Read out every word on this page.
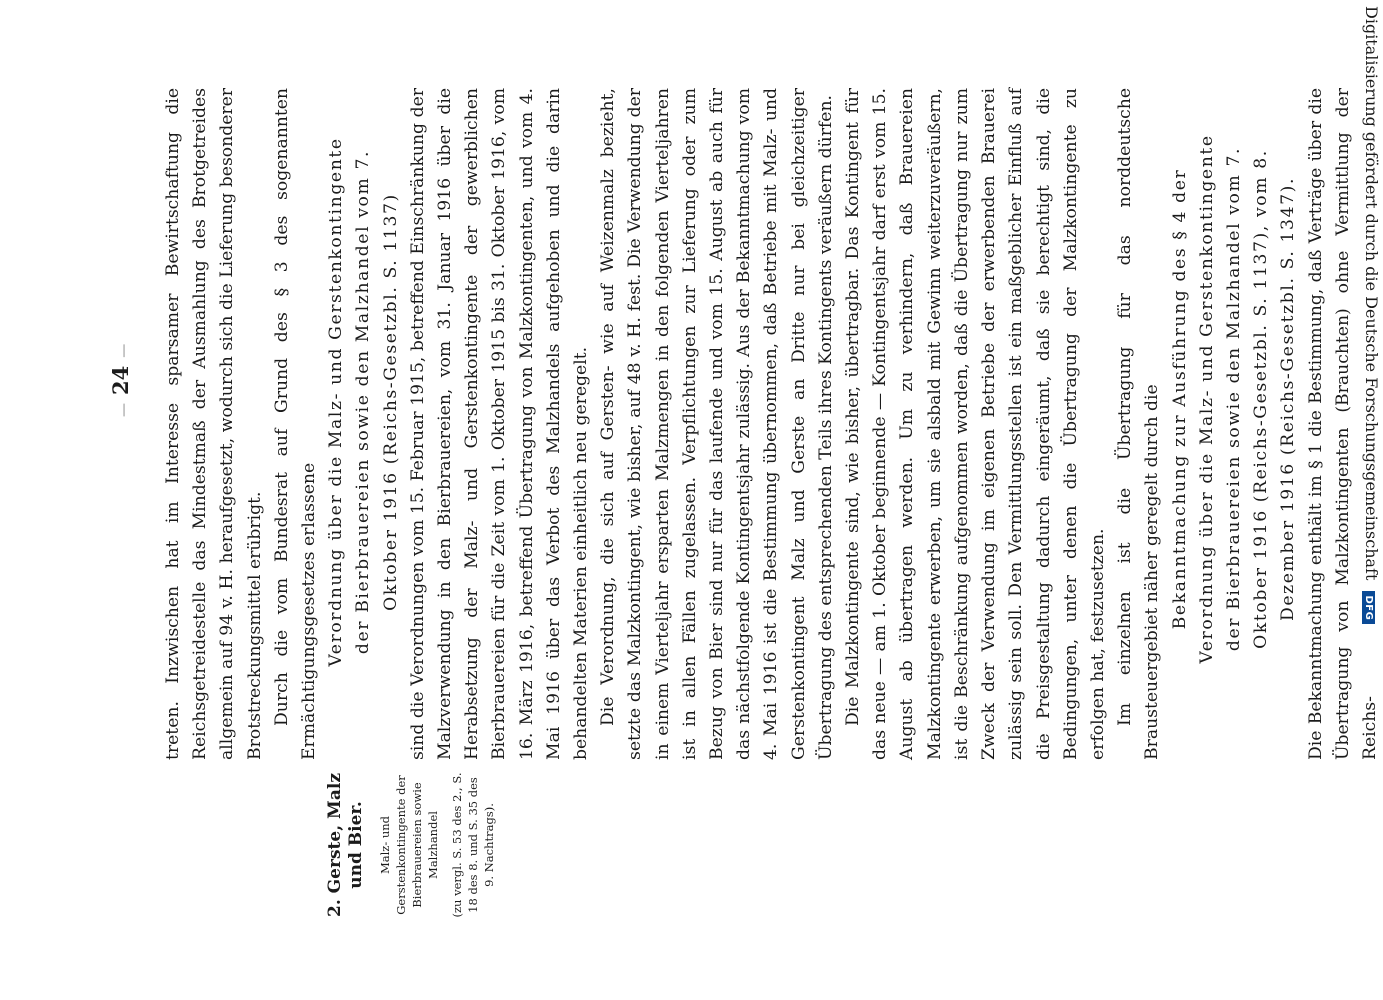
— 24 —
2. Gerste, Malz und Bier. Malz- und Gerstenkontingente der Bierbrauereien sowie Malzhandel (zu vergl. S. 53 des 2., S. 18 des 8. und S. 35 des 9. Nachtrags).

treten. Inzwischen hat im Interesse sparsamer Bewirtschaftung die Reichsgetreidestelle das Mindestmaß der Ausmahlung des Brotgetreides allgemein auf 94 v. H. heraufgesetzt, wodurch sich die Lieferung besonderer Brotstreckungsmittel erübrigt. Durch die vom Bundesrat auf Grund des § 3 des sogenannten Ermächtigungsgesetzes erlassene Verordnung über die Malz- und Gerstenkontingente der Bierbrauereien sowie den Malzhandel vom 7. Oktober 1916 (Reichs-Gesetzbl. S. 1137) sind die Verordnungen vom 15. Februar 1915, betreffend Einschränkung der Malzverwendung in den Bierbrauereien, vom 31. Januar 1916 über die Herabsetzung der Malz- und Gerstenkontingente der gewerblichen Bierbrauereien für die Zeit vom 1. Oktober 1915 bis 31. Oktober 1916, vom 16. März 1916, betreffend Übertragung von Malzkontingenten, und vom 4. Mai 1916 über das Verbot des Malzhandels aufgehoben und die darin behandelten Materien einheitlich neu geregelt. Die Verordnung, die sich auf Gersten- wie auf Weizenmalz bezieht, setzte das Malzkontingent, wie bisher, auf 48 v. H. fest. Die Verwendung der in einem Vierteljahr ersparten Malzmengen in den folgenden Vierteljahren ist in allen Fällen zugelassen. Verpflichtungen zur Lieferung oder zum Bezug von Bier sind nur für das laufende und vom 15. August ab auch für das nächstfolgende Kontingentsjahr zulässig. Aus der Bekanntmachung vom 4. Mai 1916 ist die Bestimmung übernommen, daß Betriebe mit Malz- und Gerstenkontingent Malz und Gerste an Dritte nur bei gleichzeitiger Übertragung des entsprechenden Teils ihres Kontingents veräußern dürfen. Die Malzkontingente sind, wie bisher, übertragbar. Das Kontingent für das neue — am 1. Oktober beginnende — Kontingentsjahr darf erst vom 15. August ab übertragen werden. Um zu verhindern, daß Brauereien Malzkontingente erwerben, um sie alsbald mit Gewinn weiterzuveräußern, ist die Beschränkung aufgenommen worden, daß die Übertragung nur zum Zweck der Verwendung im eigenen Betriebe der erwerbenden Brauerei zulässig sein soll. Den Vermittlungsstellen ist ein maßgeblicher Einfluß auf die Preisgestaltung dadurch eingeräumt, daß sie berechtigt sind, die Bedingungen, unter denen die Übertragung der Malzkontingente zu erfolgen hat, festzusetzen. Im einzelnen ist die Übertragung für das norddeutsche Brausteuergebiet näher geregelt durch die Bekanntmachung zur Ausführung des § 4 der Verordnung über die Malz- und Gerstenkontingente der Bierbrauereien sowie den Malzhandel vom 7. Oktober 1916 (Reichs-Gesetzbl. S. 1137), vom 8. Dezember 1916 (Reichs-Gesetzbl. S. 1347). Die Bekanntmachung enthält im § 1 die Bestimmung, daß Verträge über die Übertragung von Malzkontingenten (Brauchten) ohne Vermittlung der Reichs-

Digitalisierung gefördert durch die Deutsche Forschungsgemeinschaft DFG
